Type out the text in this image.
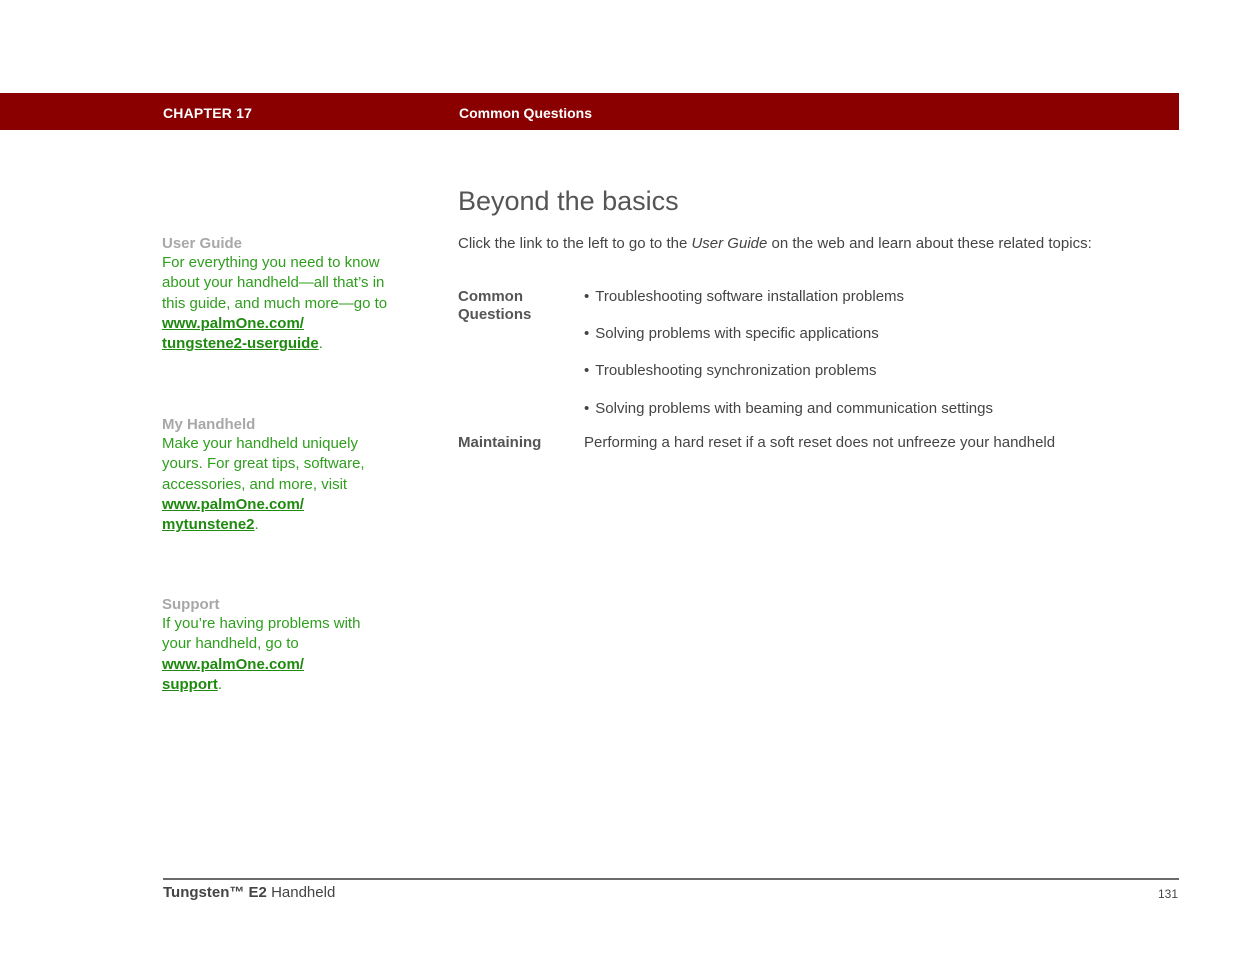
CHAPTER 17	Common Questions
User Guide
For everything you need to know about your handheld—all that’s in this guide, and much more—go to
www.palmOne.com/
tungstene2-userguide.
My Handheld
Make your handheld uniquely yours. For great tips, software, accessories, and more, visit
www.palmOne.com/
mytunstene2.
Support
If you’re having problems with your handheld, go to
www.palmOne.com/
support.
Beyond the basics
Click the link to the left to go to the User Guide on the web and learn about these related topics:
Common Questions
• Troubleshooting software installation problems
• Solving problems with specific applications
• Troubleshooting synchronization problems
• Solving problems with beaming and communication settings
Maintaining	Performing a hard reset if a soft reset does not unfreeze your handheld
Tungsten™ E2 Handheld	131
